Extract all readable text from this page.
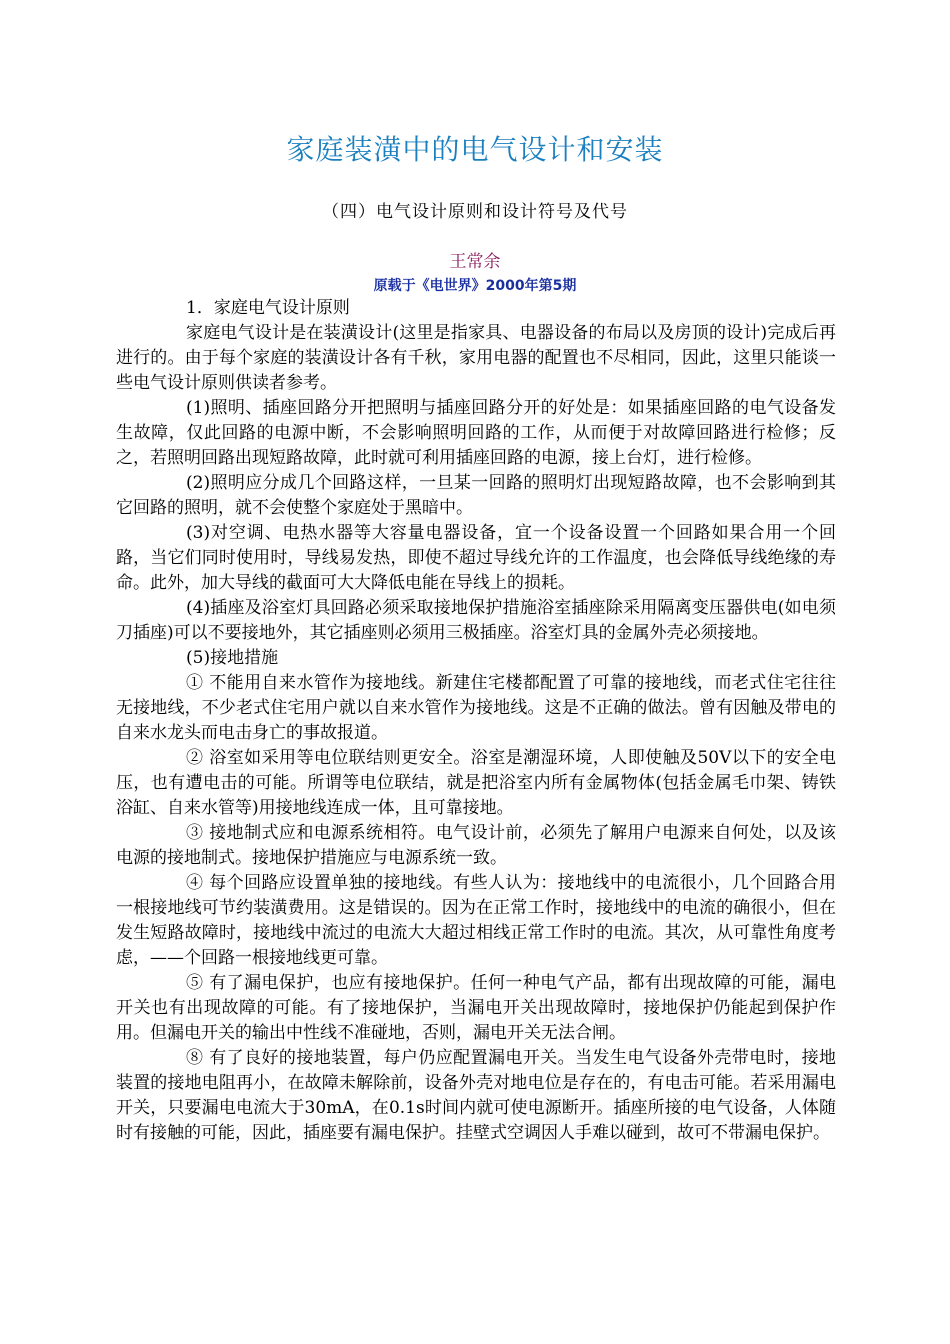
家庭装潢中的电气设计和安装
（四）电气设计原则和设计符号及代号
王常余
原载于《电世界》2000年第5期

1．家庭电气设计原则

家庭电气设计是在装潢设计(这里是指家具、电器设备的布局以及房顶的设计)完成后再进行的。由于每个家庭的装潢设计各有千秋，家用电器的配置也不尽相同，因此，这里只能谈一些电气设计原则供读者参考。

(1)照明、插座回路分开把照明与插座回路分开的好处是：如果插座回路的电气设备发生故障，仅此回路的电源中断，不会影响照明回路的工作，从而便于对故障回路进行检修；反之，若照明回路出现短路故障，此时就可利用插座回路的电源，接上台灯，进行检修。

(2)照明应分成几个回路这样，一旦某一回路的照明灯出现短路故障，也不会影响到其它回路的照明，就不会使整个家庭处于黑暗中。

(3)对空调、电热水器等大容量电器设备，宜一个设备设置一个回路如果合用一个回路，当它们同时使用时，导线易发热，即使不超过导线允许的工作温度，也会降低导线绝缘的寿命。此外，加大导线的截面可大大降低电能在导线上的损耗。

(4)插座及浴室灯具回路必须采取接地保护措施浴室插座除采用隔离变压器供电(如电须刀插座)可以不要接地外，其它插座则必须用三极插座。浴室灯具的金属外壳必须接地。

(5)接地措施

① 不能用自来水管作为接地线。新建住宅楼都配置了可靠的接地线，而老式住宅往往无接地线，不少老式住宅用户就以自来水管作为接地线。这是不正确的做法。曾有因触及带电的自来水龙头而电击身亡的事故报道。

② 浴室如采用等电位联结则更安全。浴室是潮湿环境，人即使触及50V以下的安全电压，也有遭电击的可能。所谓等电位联结，就是把浴室内所有金属物体(包括金属毛巾架、铸铁浴缸、自来水管等)用接地线连成一体，且可靠接地。

③ 接地制式应和电源系统相符。电气设计前，必须先了解用户电源来自何处，以及该电源的接地制式。接地保护措施应与电源系统一致。

④ 每个回路应设置单独的接地线。有些人认为：接地线中的电流很小，几个回路合用一根接地线可节约装潢费用。这是错误的。因为在正常工作时，接地线中的电流的确很小，但在发生短路故障时，接地线中流过的电流大大超过相线正常工作时的电流。其次，从可靠性角度考虑，——个回路一根接地线更可靠。

⑤ 有了漏电保护，也应有接地保护。任何一种电气产品，都有出现故障的可能，漏电开关也有出现故障的可能。有了接地保护，当漏电开关出现故障时，接地保护仍能起到保护作用。但漏电开关的输出中性线不准碰地，否则，漏电开关无法合闸。

⑧ 有了良好的接地装置，每户仍应配置漏电开关。当发生电气设备外壳带电时，接地装置的接地电阻再小，在故障未解除前，设备外壳对地电位是存在的，有电击可能。若采用漏电开关，只要漏电电流大于30mA，在0.1s时间内就可使电源断开。插座所接的电气设备，人体随时有接触的可能，因此，插座要有漏电保护。挂壁式空调因人手难以碰到，故可不带漏电保护。
